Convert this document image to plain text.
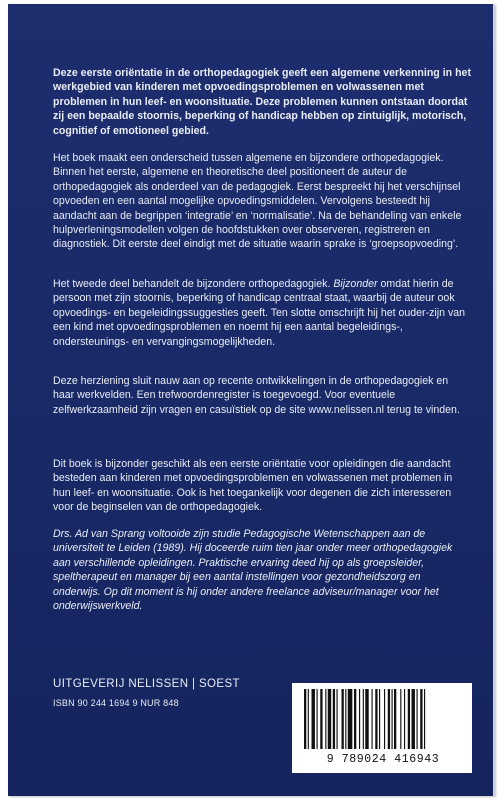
Deze eerste oriëntatie in de orthopedagogiek geeft een algemene verkenning in het werkgebied van kinderen met opvoedingsproblemen en volwassenen met problemen in hun leef- en woonsituatie. Deze problemen kunnen ontstaan doordat zij een bepaalde stoornis, beperking of handicap hebben op zintuiglijk, motorisch, cognitief of emotioneel gebied.

Het boek maakt een onderscheid tussen algemene en bijzondere orthopedagogiek. Binnen het eerste, algemene en theoretische deel positioneert de auteur de orthopedagogiek als onderdeel van de pedagogiek. Eerst bespreekt hij het verschijnsel opvoeden en een aantal mogelijke opvoedingsmiddelen. Vervolgens besteedt hij aandacht aan de begrippen ‘integratie’ en ‘normalisatie’. Na de behandeling van enkele hulpverleningsmodellen volgen de hoofdstukken over observeren, registreren en diagnostiek. Dit eerste deel eindigt met de situatie waarin sprake is ‘groepsopvoeding’.

Het tweede deel behandelt de bijzondere orthopedagogiek. Bijzonder omdat hierin de persoon met zijn stoornis, beperking of handicap centraal staat, waarbij de auteur ook opvoedings- en begeleidingssuggesties geeft. Ten slotte omschrijft hij het ouder-zijn van een kind met opvoedingsproblemen en noemt hij een aantal begeleidings-, ondersteunings- en vervangingsmogelijkheden.

Deze herziening sluit nauw aan op recente ontwikkelingen in de orthopedagogiek en haar werkvelden. Een trefwoordenregister is toegevoegd. Voor eventuele zelfwerkzaamheid zijn vragen en casuïstiek op de site www.nelissen.nl terug te vinden.

Dit boek is bijzonder geschikt als een eerste oriëntatie voor opleidingen die aandacht besteden aan kinderen met opvoedingsproblemen en volwassenen met problemen in hun leef- en woonsituatie. Ook is het toegankelijk voor degenen die zich interesseren voor de beginselen van de orthopedagogiek.

Drs. Ad van Sprang voltooide zijn studie Pedagogische Wetenschappen aan de universiteit te Leiden (1989). Hij doceerde ruim tien jaar onder meer orthopedagogiek aan verschillende opleidingen. Praktische ervaring deed hij op als groepsleider, speltherapeut en manager bij een aantal instellingen voor gezondheidszorg en onderwijs. Op dit moment is hij onder andere freelance adviseur/manager voor het onderwijswerkveld.

UITGEVERIJ NELISSEN | SOEST
ISBN 90 244 1694 9 NUR 848
9 789024 416943
